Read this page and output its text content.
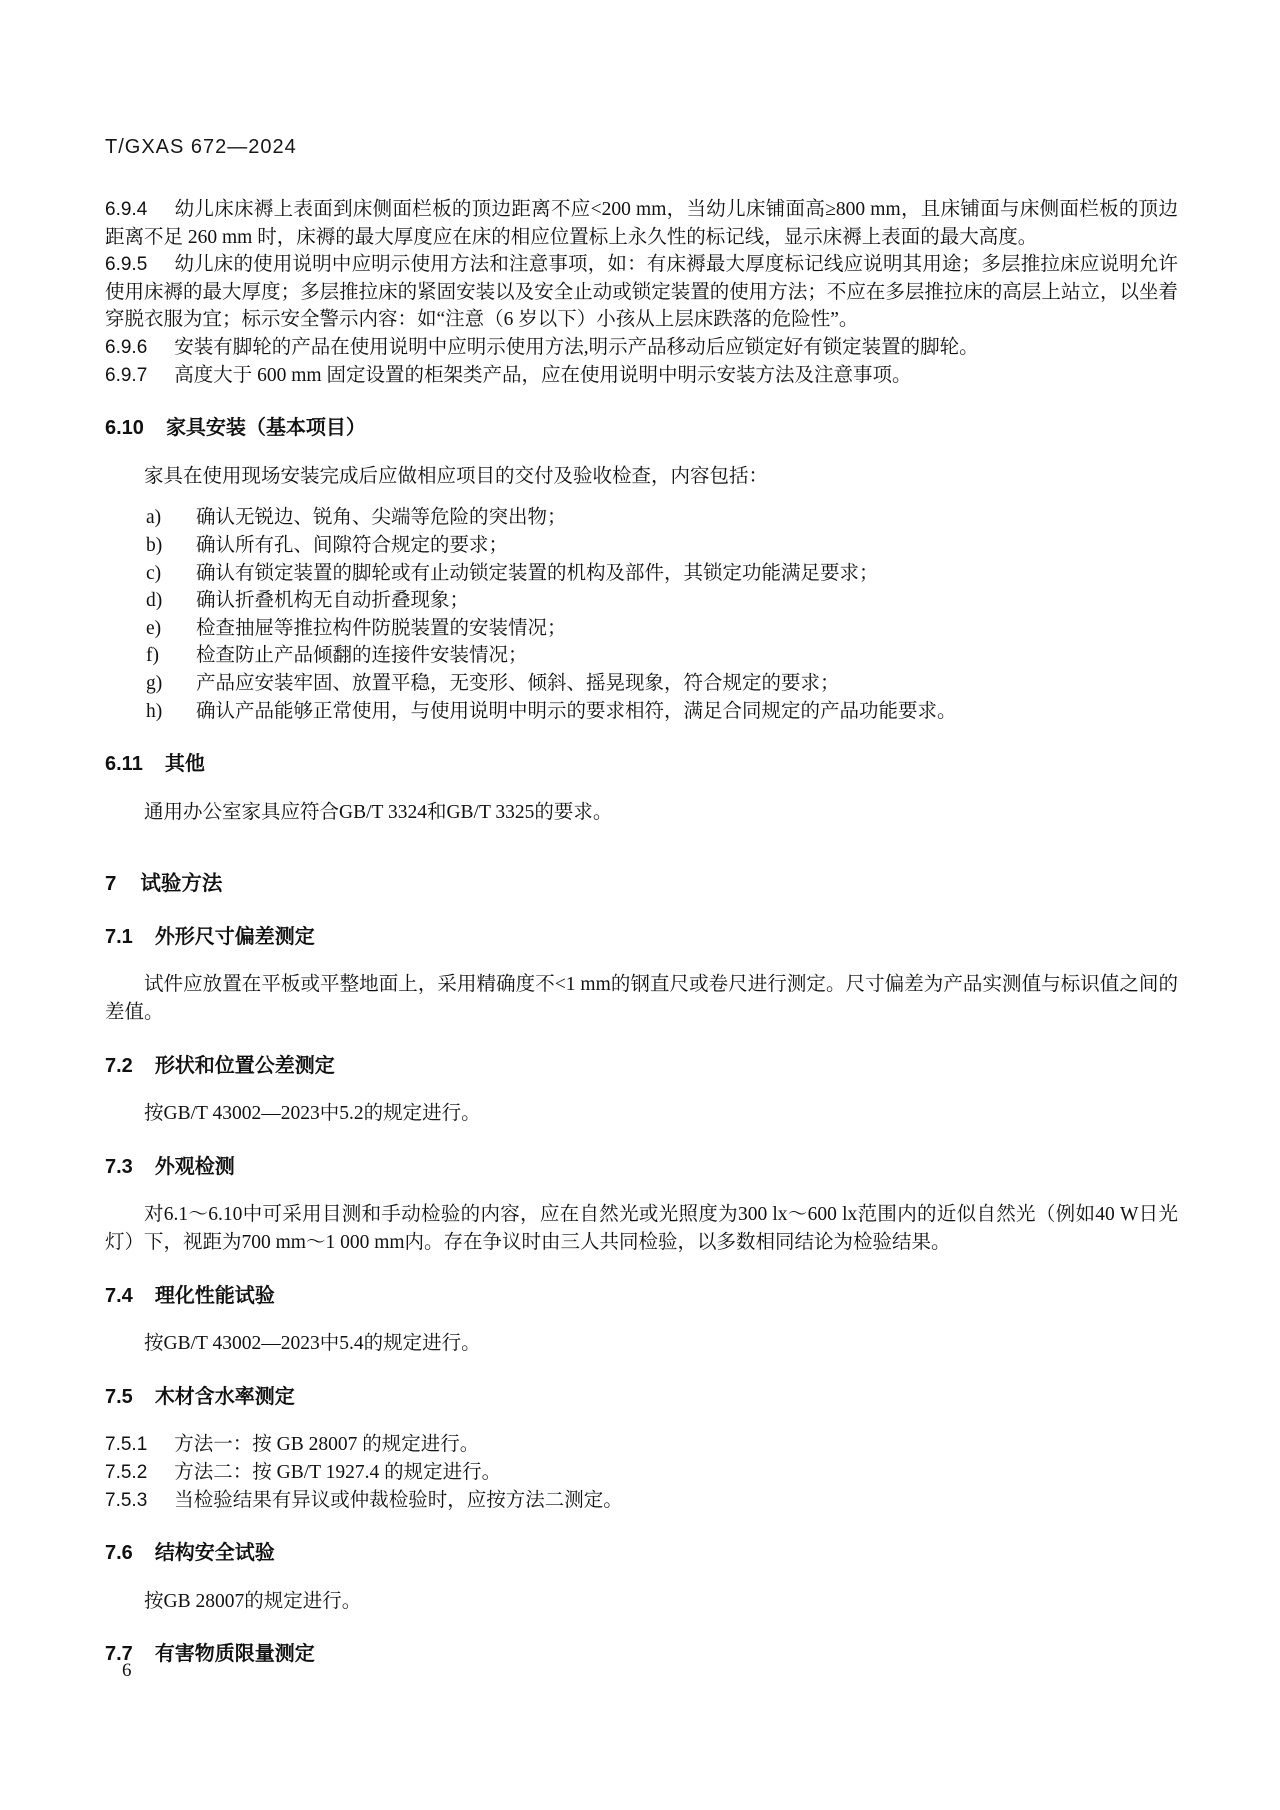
T/GXAS 672—2024

6.9.4 幼儿床床褥上表面到床侧面栏板的顶边距离不应<200 mm，当幼儿床铺面高≥800 mm，且床铺面与床侧面栏板的顶边距离不足 260 mm 时，床褥的最大厚度应在床的相应位置标上永久性的标记线，显示床褥上表面的最大高度。

6.9.5 幼儿床的使用说明中应明示使用方法和注意事项，如：有床褥最大厚度标记线应说明其用途；多层推拉床应说明允许使用床褥的最大厚度；多层推拉床的紧固安装以及安全止动或锁定装置的使用方法；不应在多层推拉床的高层上站立，以坐着穿脱衣服为宜；标示安全警示内容：如“注意（6 岁以下）小孩从上层床跌落的危险性”。

6.9.6 安装有脚轮的产品在使用说明中应明示使用方法,明示产品移动后应锁定好有锁定装置的脚轮。

6.9.7 高度大于 600 mm 固定设置的柜架类产品，应在使用说明中明示安装方法及注意事项。

6.10 家具安装（基本项目）

家具在使用现场安装完成后应做相应项目的交付及验收检查，内容包括：

a) 确认无锐边、锐角、尖端等危险的突出物；

b) 确认所有孔、间隙符合规定的要求；

c) 确认有锁定装置的脚轮或有止动锁定装置的机构及部件，其锁定功能满足要求；

d) 确认折叠机构无自动折叠现象；

e) 检查抽屉等推拉构件防脱装置的安装情况；

f) 检查防止产品倾翻的连接件安装情况；

g) 产品应安装牢固、放置平稳，无变形、倾斜、摇晃现象，符合规定的要求；

h) 确认产品能够正常使用，与使用说明中明示的要求相符，满足合同规定的产品功能要求。

6.11 其他

通用办公室家具应符合GB/T 3324和GB/T 3325的要求。

7 试验方法

7.1 外形尺寸偏差测定

试件应放置在平板或平整地面上，采用精确度不<1 mm的钢直尺或卷尺进行测定。尺寸偏差为产品实测值与标识值之间的差值。

7.2 形状和位置公差测定

按GB/T 43002—2023中5.2的规定进行。

7.3 外观检测

对6.1～6.10中可采用目测和手动检验的内容，应在自然光或光照度为300 lx～600 lx范围内的近似自然光（例如40 W日光灯）下，视距为700 mm～1 000 mm内。存在争议时由三人共同检验，以多数相同结论为检验结果。

7.4 理化性能试验

按GB/T 43002—2023中5.4的规定进行。

7.5 木材含水率测定

7.5.1 方法一：按 GB 28007 的规定进行。

7.5.2 方法二：按 GB/T 1927.4 的规定进行。

7.5.3 当检验结果有异议或仲裁检验时，应按方法二测定。

7.6 结构安全试验

按GB 28007的规定进行。

7.7 有害物质限量测定

6
